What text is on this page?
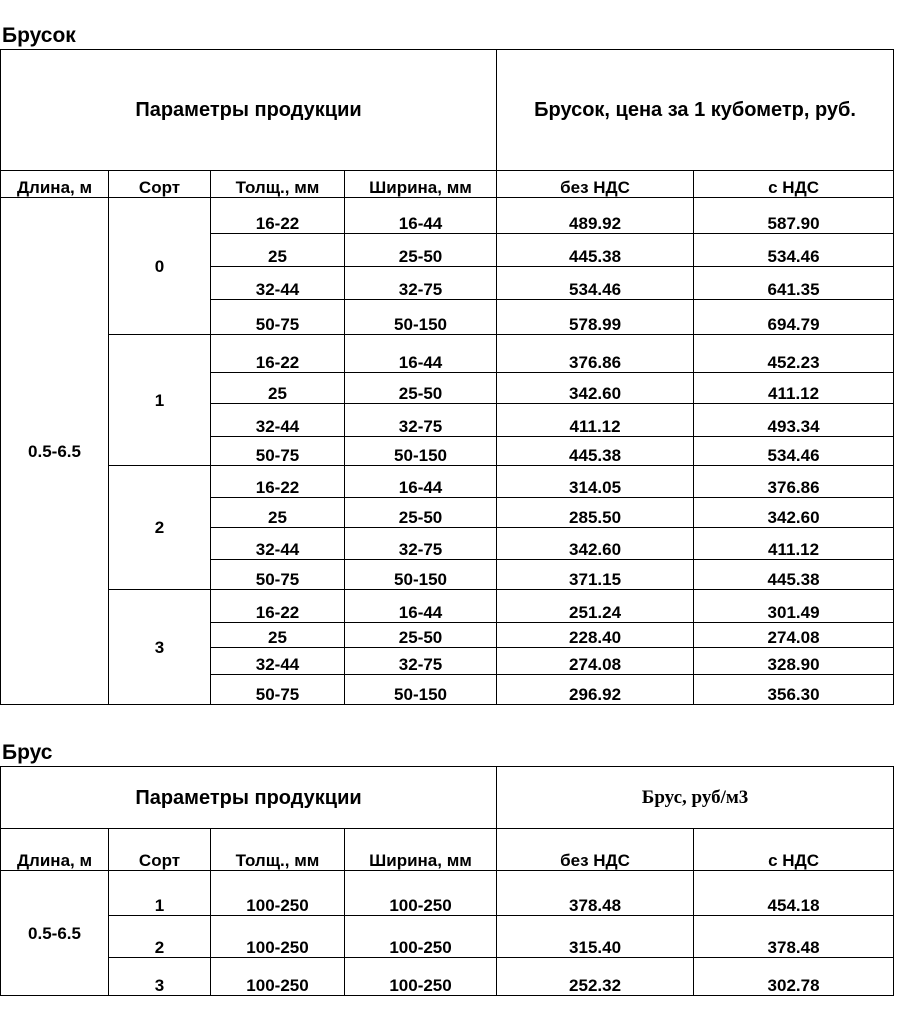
Брусок
Параметры продукции				Брусок, цена за 1 кубометр, руб.	
Длина, м	Сорт	Толщ., мм	Ширина, мм	без НДС	с НДС
0.5-6.5	0	16-22	16-44	489.92	587.90
		25	25-50	445.38	534.46
		32-44	32-75	534.46	641.35
		50-75	50-150	578.99	694.79
	1	16-22	16-44	376.86	452.23
		25	25-50	342.60	411.12
		32-44	32-75	411.12	493.34
		50-75	50-150	445.38	534.46
	2	16-22	16-44	314.05	376.86
		25	25-50	285.50	342.60
		32-44	32-75	342.60	411.12
		50-75	50-150	371.15	445.38
	3	16-22	16-44	251.24	301.49
		25	25-50	228.40	274.08
		32-44	32-75	274.08	328.90
		50-75	50-150	296.92	356.30
Брус
Параметры продукции				Брус, руб/м3	
Длина, м	Сорт	Толщ., мм	Ширина, мм	без НДС	с НДС
0.5-6.5	1	100-250	100-250	378.48	454.18
	2	100-250	100-250	315.40	378.48
	3	100-250	100-250	252.32	302.78
